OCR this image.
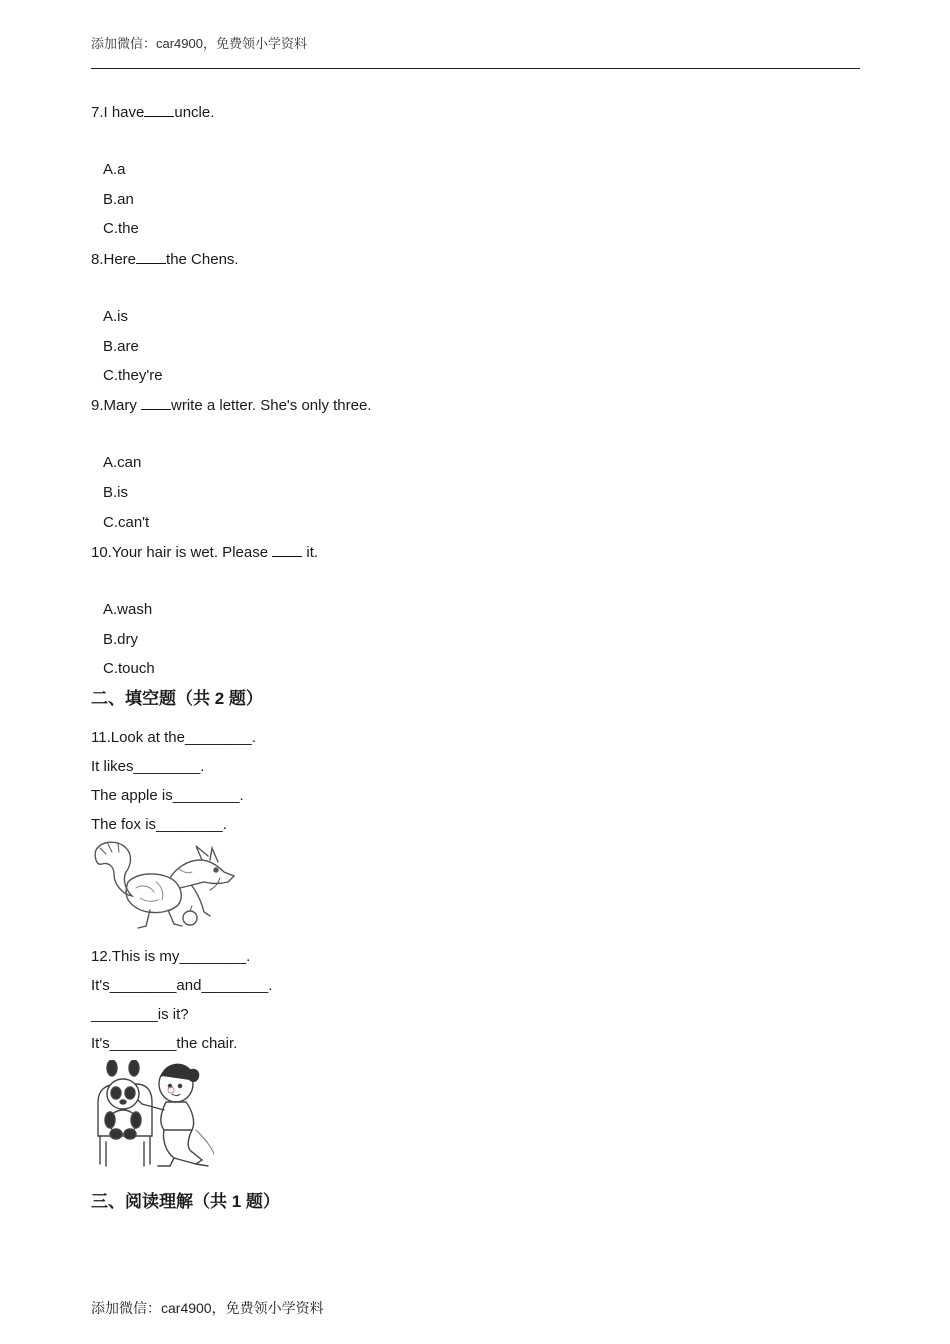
添加微信：car4900，免费领小学资料
7.I have uncle.
A.a
B.an
C.the
8.Here the Chens.
A.is
B.are
C.they're
9.Mary write a letter. She's only three.
A.can
B.is
C.can't
10.Your hair is wet. Please  it.
A.wash
B.dry
C.touch
二、填空题（共 2 题）
11.Look at the________.
It likes________.
The apple is________.
The fox is________.
12.This is my________.
It's________and________.
________is it?
It's________the chair.
三、阅读理解（共 1 题）
添加微信：car4900，免费领小学资料
